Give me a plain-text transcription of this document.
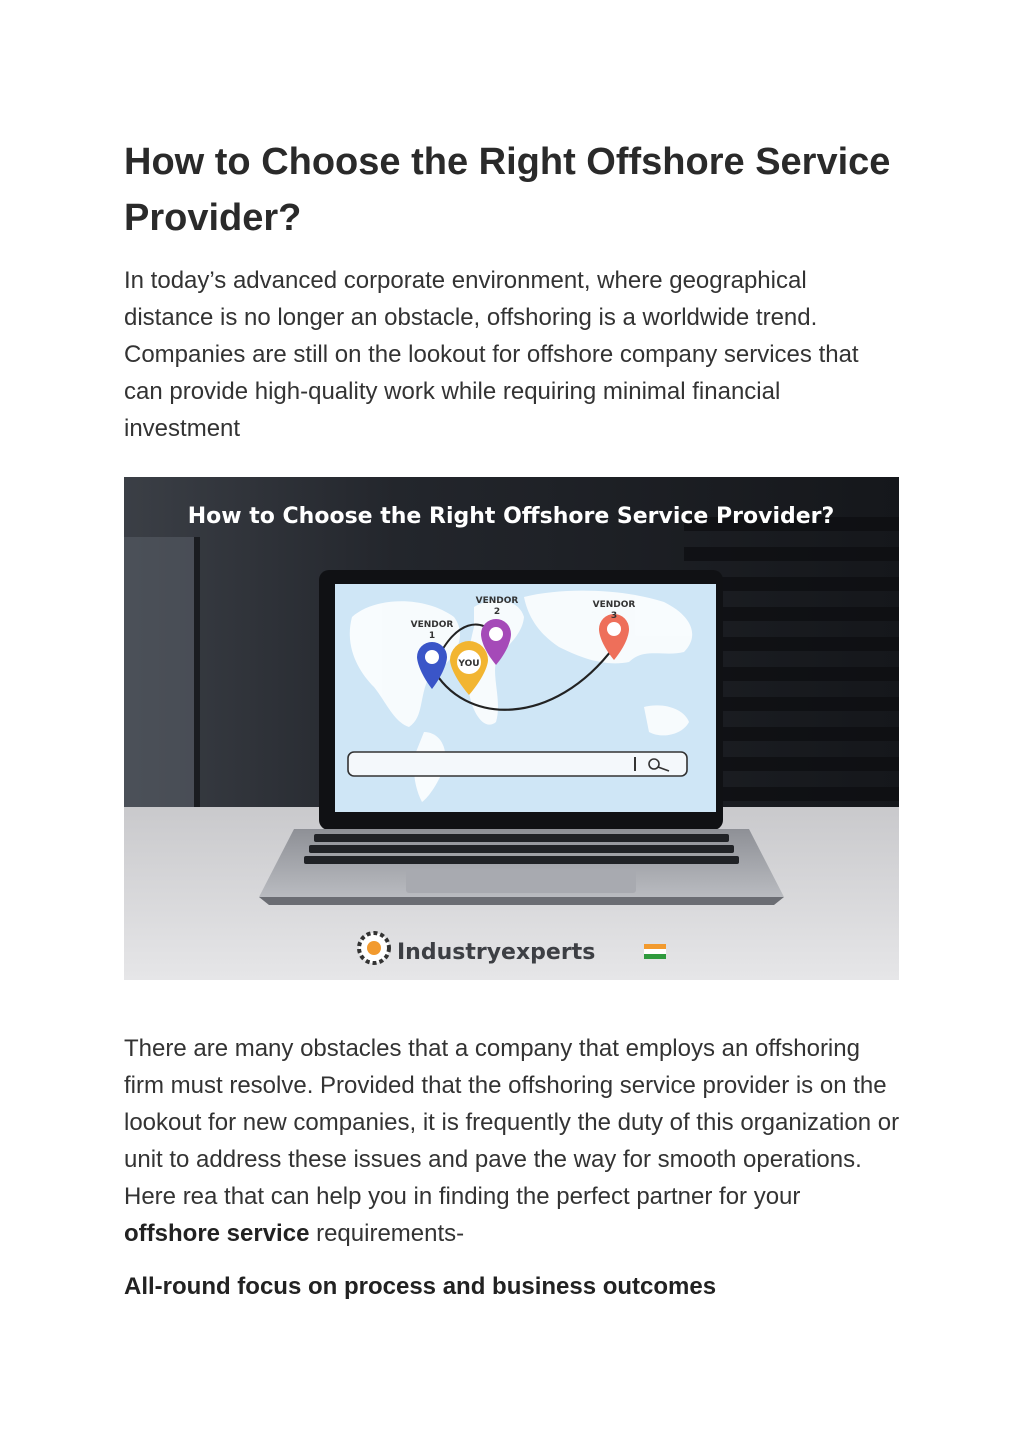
How to Choose the Right Offshore Service Provider?

In today’s advanced corporate environment, where geographical distance is no longer an obstacle, offshoring is a worldwide trend. Companies are still on the lookout for offshore company services that can provide high-quality work while requiring minimal financial investment

How to Choose the Right Offshore Service Provider?
VENDOR
1
YOU
VENDOR
2
VENDOR
3
Industryexperts

There are many obstacles that a company that employs an offshoring firm must resolve. Provided that the offshoring service provider is on the lookout for new companies, it is frequently the duty of this organization or unit to address these issues and pave the way for smooth operations. Here rea that can help you in finding the perfect partner for your offshore service requirements-

All-round focus on process and business outcomes
